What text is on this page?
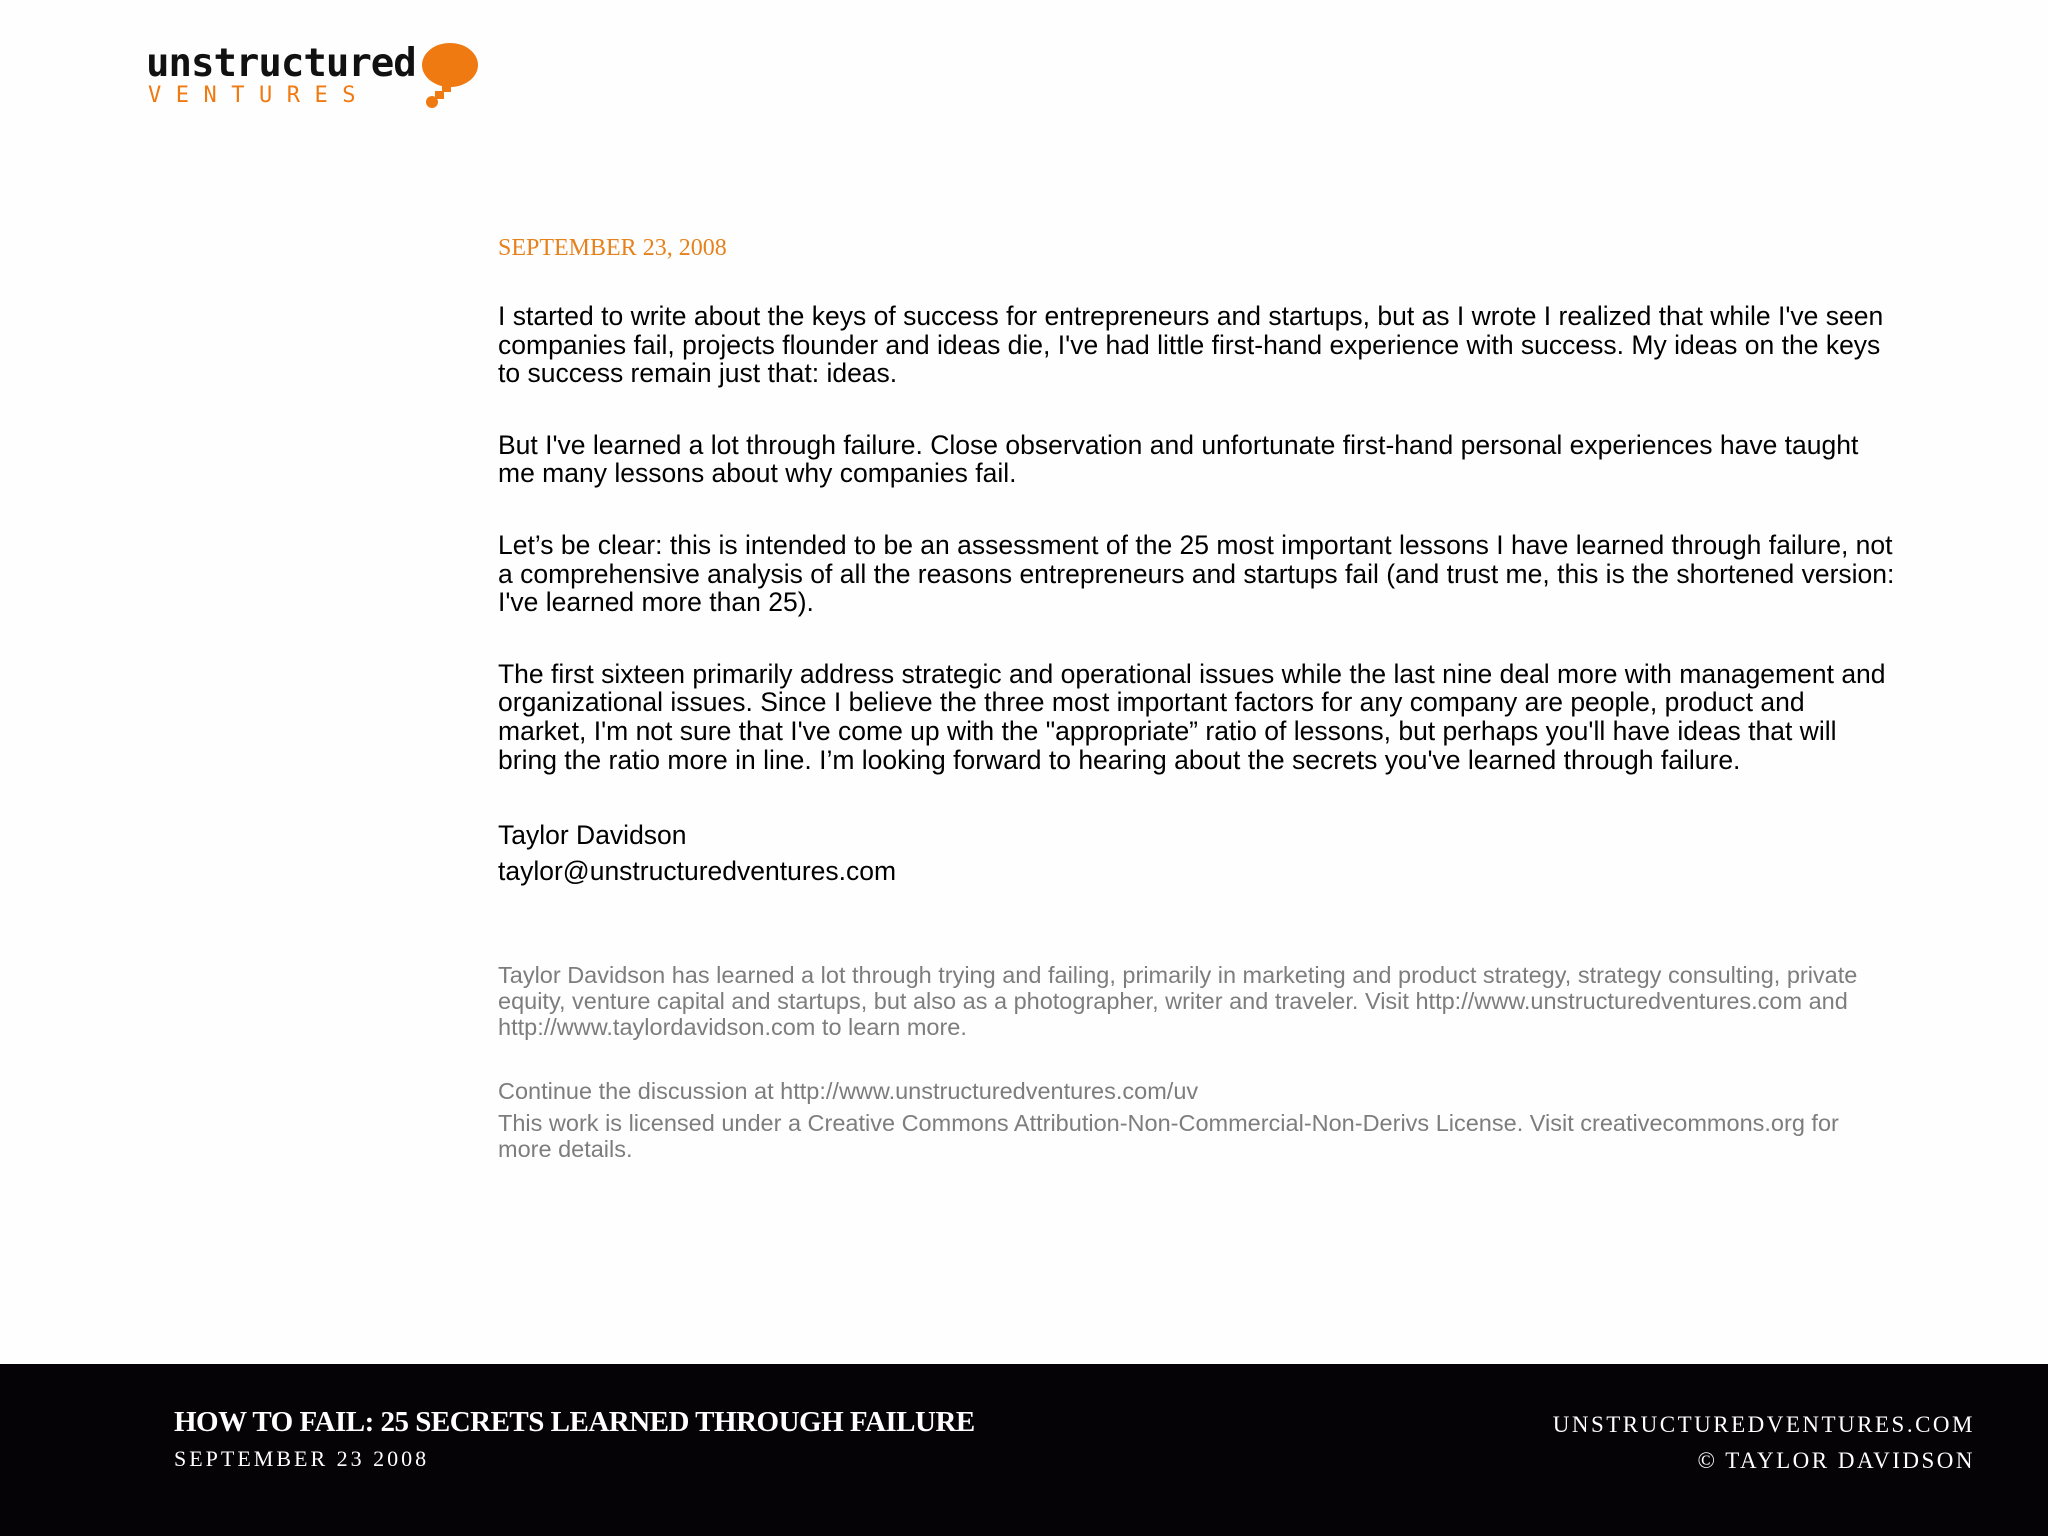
unstructured
VENTURES
SEPTEMBER 23, 2008

I started to write about the keys of success for entrepreneurs and startups, but as I wrote I realized that while I've seen companies fail, projects flounder and ideas die, I've had little first-hand experience with success. My ideas on the keys to success remain just that: ideas.

But I've learned a lot through failure. Close observation and unfortunate first-hand personal experiences have taught me many lessons about why companies fail.

Let’s be clear: this is intended to be an assessment of the 25 most important lessons I have learned through failure, not a comprehensive analysis of all the reasons entrepreneurs and startups fail (and trust me, this is the shortened version: I've learned more than 25).

The first sixteen primarily address strategic and operational issues while the last nine deal more with management and organizational issues. Since I believe the three most important factors for any company are people, product and market, I'm not sure that I've come up with the "appropriate” ratio of lessons, but perhaps you'll have ideas that will bring the ratio more in line. I’m looking forward to hearing about the secrets you've learned through failure.

Taylor Davidson

taylor@unstructuredventures.com

Taylor Davidson has learned a lot through trying and failing, primarily in marketing and product strategy, strategy consulting, private equity, venture capital and startups, but also as a photographer, writer and traveler. Visit http://www.unstructuredventures.com and http://www.taylordavidson.com to learn more.

Continue the discussion at http://www.unstructuredventures.com/uv

This work is licensed under a Creative Commons Attribution-Non-Commercial-Non-Derivs License. Visit creativecommons.org for more details.

HOW TO FAIL: 25 SECRETS LEARNED THROUGH FAILURE
SEPTEMBER 23 2008
UNSTRUCTUREDVENTURES.COM
© TAYLOR DAVIDSON
